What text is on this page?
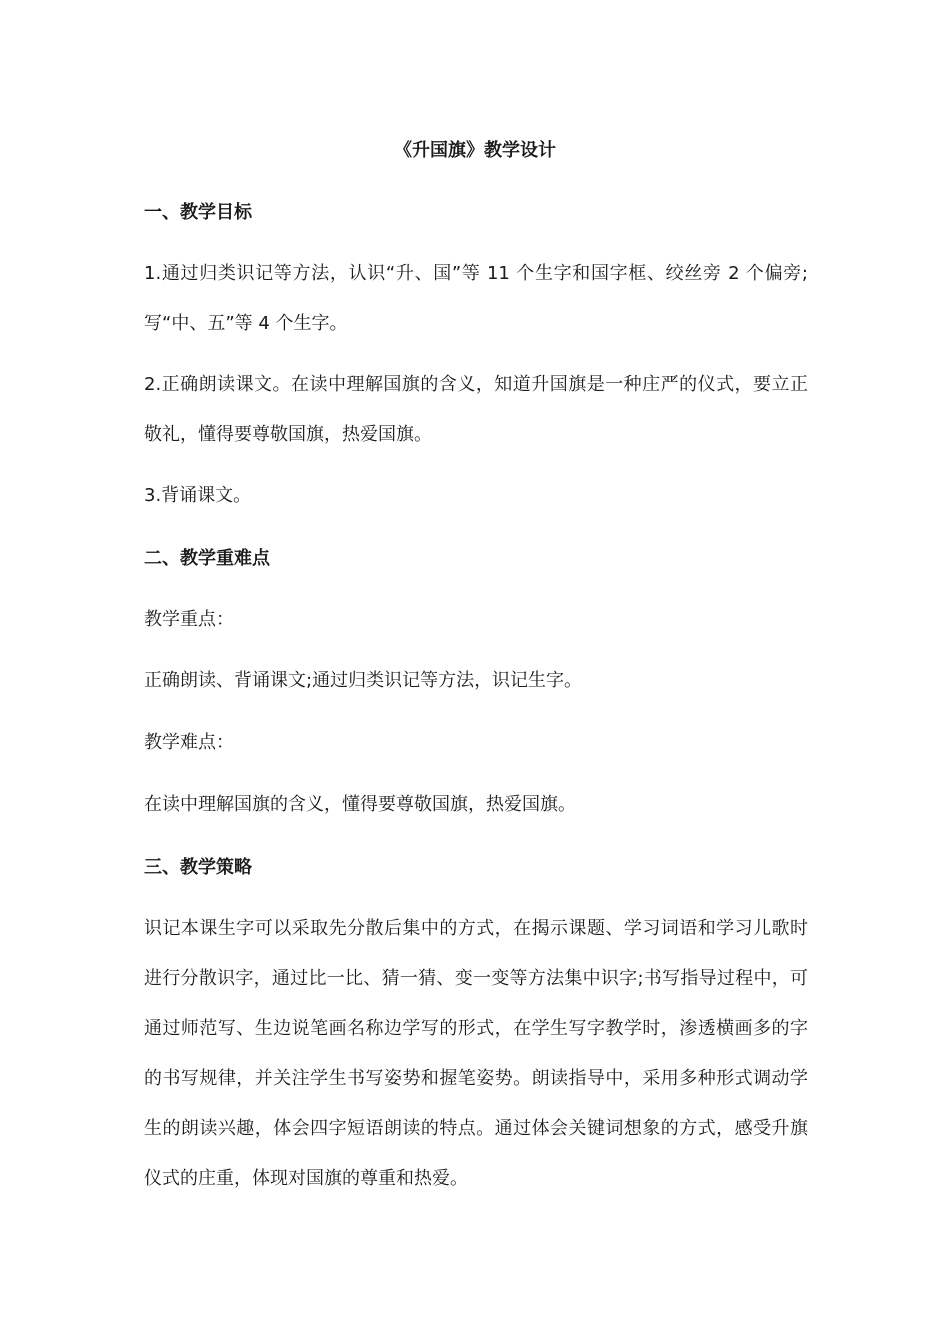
《升国旗》教学设计
一、教学目标

1.通过归类识记等方法，认识“升、国”等 11 个生字和国字框、绞丝旁 2 个偏旁;写“中、五”等 4 个生字。

2.正确朗读课文。在读中理解国旗的含义，知道升国旗是一种庄严的仪式，要立正敬礼，懂得要尊敬国旗，热爱国旗。

3.背诵课文。

二、教学重难点

教学重点：

正确朗读、背诵课文;通过归类识记等方法，识记生字。

教学难点：

在读中理解国旗的含义，懂得要尊敬国旗，热爱国旗。

三、教学策略

识记本课生字可以采取先分散后集中的方式，在揭示课题、学习词语和学习儿歌时进行分散识字，通过比一比、猜一猜、变一变等方法集中识字;书写指导过程中，可通过师范写、生边说笔画名称边学写的形式，在学生写字教学时，渗透横画多的字的书写规律，并关注学生书写姿势和握笔姿势。朗读指导中，采用多种形式调动学生的朗读兴趣，体会四字短语朗读的特点。通过体会关键词想象的方式，感受升旗仪式的庄重，体现对国旗的尊重和热爱。
